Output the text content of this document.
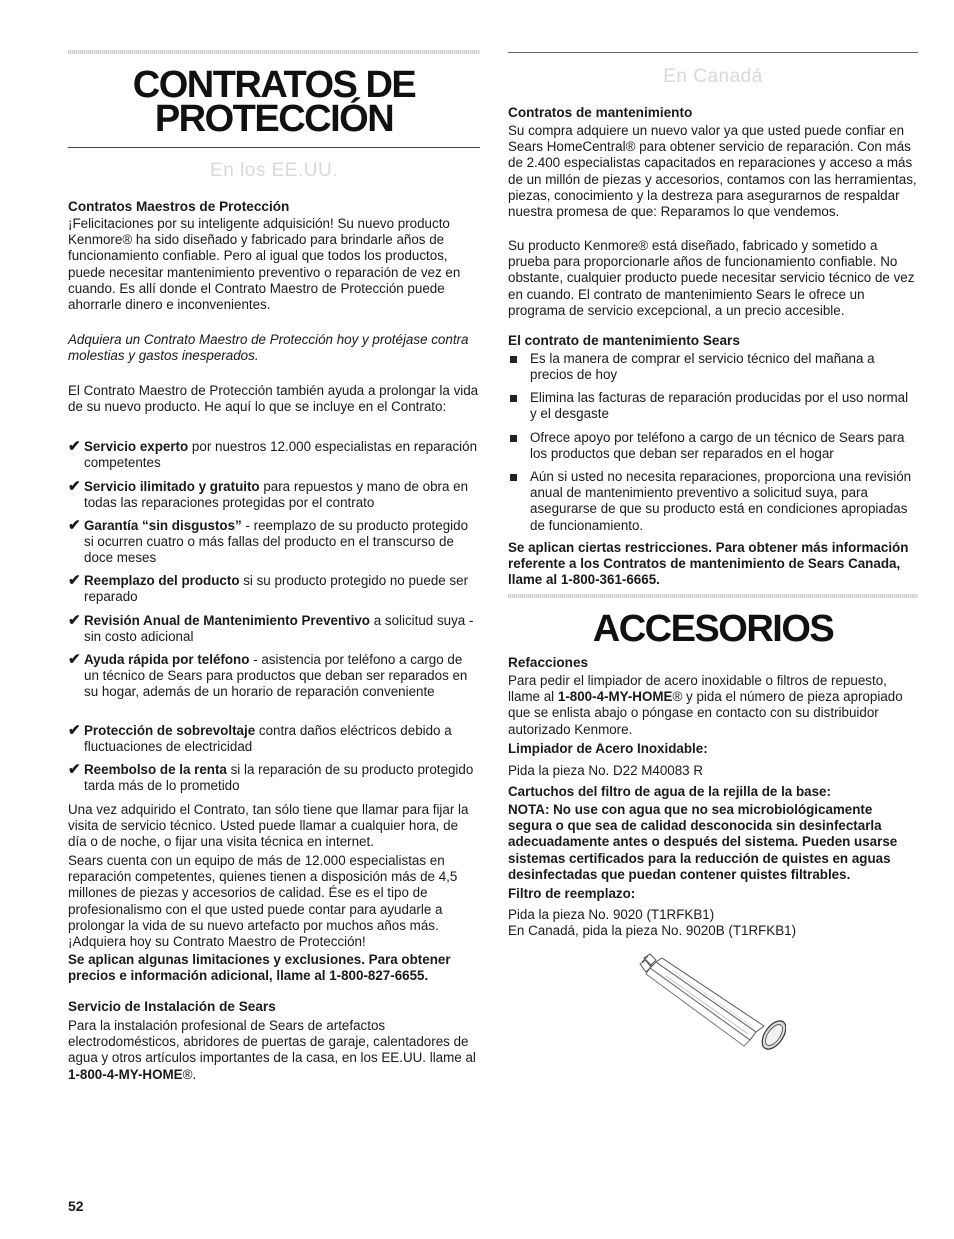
CONTRATOS DE
PROTECCIÓN
En los EE.UU.

Contratos Maestros de Protección

¡Felicitaciones por su inteligente adquisición! Su nuevo producto Kenmore® ha sido diseñado y fabricado para brindarle años de funcionamiento confiable. Pero al igual que todos los productos, puede necesitar mantenimiento preventivo o reparación de vez en cuando. Es allí donde el Contrato Maestro de Protección puede ahorrarle dinero e inconvenientes.

Adquiera un Contrato Maestro de Protección hoy y protéjase contra molestias y gastos inesperados.

El Contrato Maestro de Protección también ayuda a prolongar la vida de su nuevo producto. He aquí lo que se incluye en el Contrato:

✔ Servicio experto por nuestros 12.000 especialistas en reparación competentes
✔ Servicio ilimitado y gratuito para repuestos y mano de obra en todas las reparaciones protegidas por el contrato
✔ Garantía “sin disgustos” - reemplazo de su producto protegido si ocurren cuatro o más fallas del producto en el transcurso de doce meses
✔ Reemplazo del producto si su producto protegido no puede ser reparado
✔ Revisión Anual de Mantenimiento Preventivo a solicitud suya - sin costo adicional
✔ Ayuda rápida por teléfono - asistencia por teléfono a cargo de un técnico de Sears para productos que deban ser reparados en su hogar, además de un horario de reparación conveniente
✔ Protección de sobrevoltaje contra daños eléctricos debido a fluctuaciones de electricidad
✔ Reembolso de la renta si la reparación de su producto protegido tarda más de lo prometido

Una vez adquirido el Contrato, tan sólo tiene que llamar para fijar la visita de servicio técnico. Usted puede llamar a cualquier hora, de día o de noche, o fijar una visita técnica en internet.

Sears cuenta con un equipo de más de 12.000 especialistas en reparación competentes, quienes tienen a disposición más de 4,5 millones de piezas y accesorios de calidad. Ése es el tipo de profesionalismo con el que usted puede contar para ayudarle a prolongar la vida de su nuevo artefacto por muchos años más. ¡Adquiera hoy su Contrato Maestro de Protección!

Se aplican algunas limitaciones y exclusiones. Para obtener precios e información adicional, llame al 1-800-827-6655.

Servicio de Instalación de Sears

Para la instalación profesional de Sears de artefactos electrodomésticos, abridores de puertas de garaje, calentadores de agua y otros artículos importantes de la casa, en los EE.UU. llame al 1-800-4-MY-HOME®.

En Canadá

Contratos de mantenimiento

Su compra adquiere un nuevo valor ya que usted puede confiar en Sears HomeCentral® para obtener servicio de reparación. Con más de 2.400 especialistas capacitados en reparaciones y acceso a más de un millón de piezas y accesorios, contamos con las herramientas, piezas, conocimiento y la destreza para asegurarnos de respaldar nuestra promesa de que: Reparamos lo que vendemos.

Su producto Kenmore® está diseñado, fabricado y sometido a prueba para proporcionarle años de funcionamiento confiable. No obstante, cualquier producto puede necesitar servicio técnico de vez en cuando. El contrato de mantenimiento Sears le ofrece un programa de servicio excepcional, a un precio accesible.

El contrato de mantenimiento Sears

Es la manera de comprar el servicio técnico del mañana a precios de hoy
Elimina las facturas de reparación producidas por el uso normal y el desgaste
Ofrece apoyo por teléfono a cargo de un técnico de Sears para los productos que deban ser reparados en el hogar
Aún si usted no necesita reparaciones, proporciona una revisión anual de mantenimiento preventivo a solicitud suya, para asegurarse de que su producto está en condiciones apropiadas de funcionamiento.

Se aplican ciertas restricciones. Para obtener más información referente a los Contratos de mantenimiento de Sears Canada, llame al 1-800-361-6665.

ACCESORIOS

Refacciones

Para pedir el limpiador de acero inoxidable o filtros de repuesto, llame al 1-800-4-MY-HOME® y pida el número de pieza apropiado que se enlista abajo o póngase en contacto con su distribuidor autorizado Kenmore.

Limpiador de Acero Inoxidable:

Pida la pieza No. D22 M40083 R

Cartuchos del filtro de agua de la rejilla de la base:

NOTA: No use con agua que no sea microbiológicamente segura o que sea de calidad desconocida sin desinfectarla adecuadamente antes o después del sistema. Pueden usarse sistemas certificados para la reducción de quistes en aguas desinfectadas que puedan contener quistes filtrables.

Filtro de reemplazo:

Pida la pieza No. 9020 (T1RFKB1)

En Canadá, pida la pieza No. 9020B (T1RFKB1)

52
